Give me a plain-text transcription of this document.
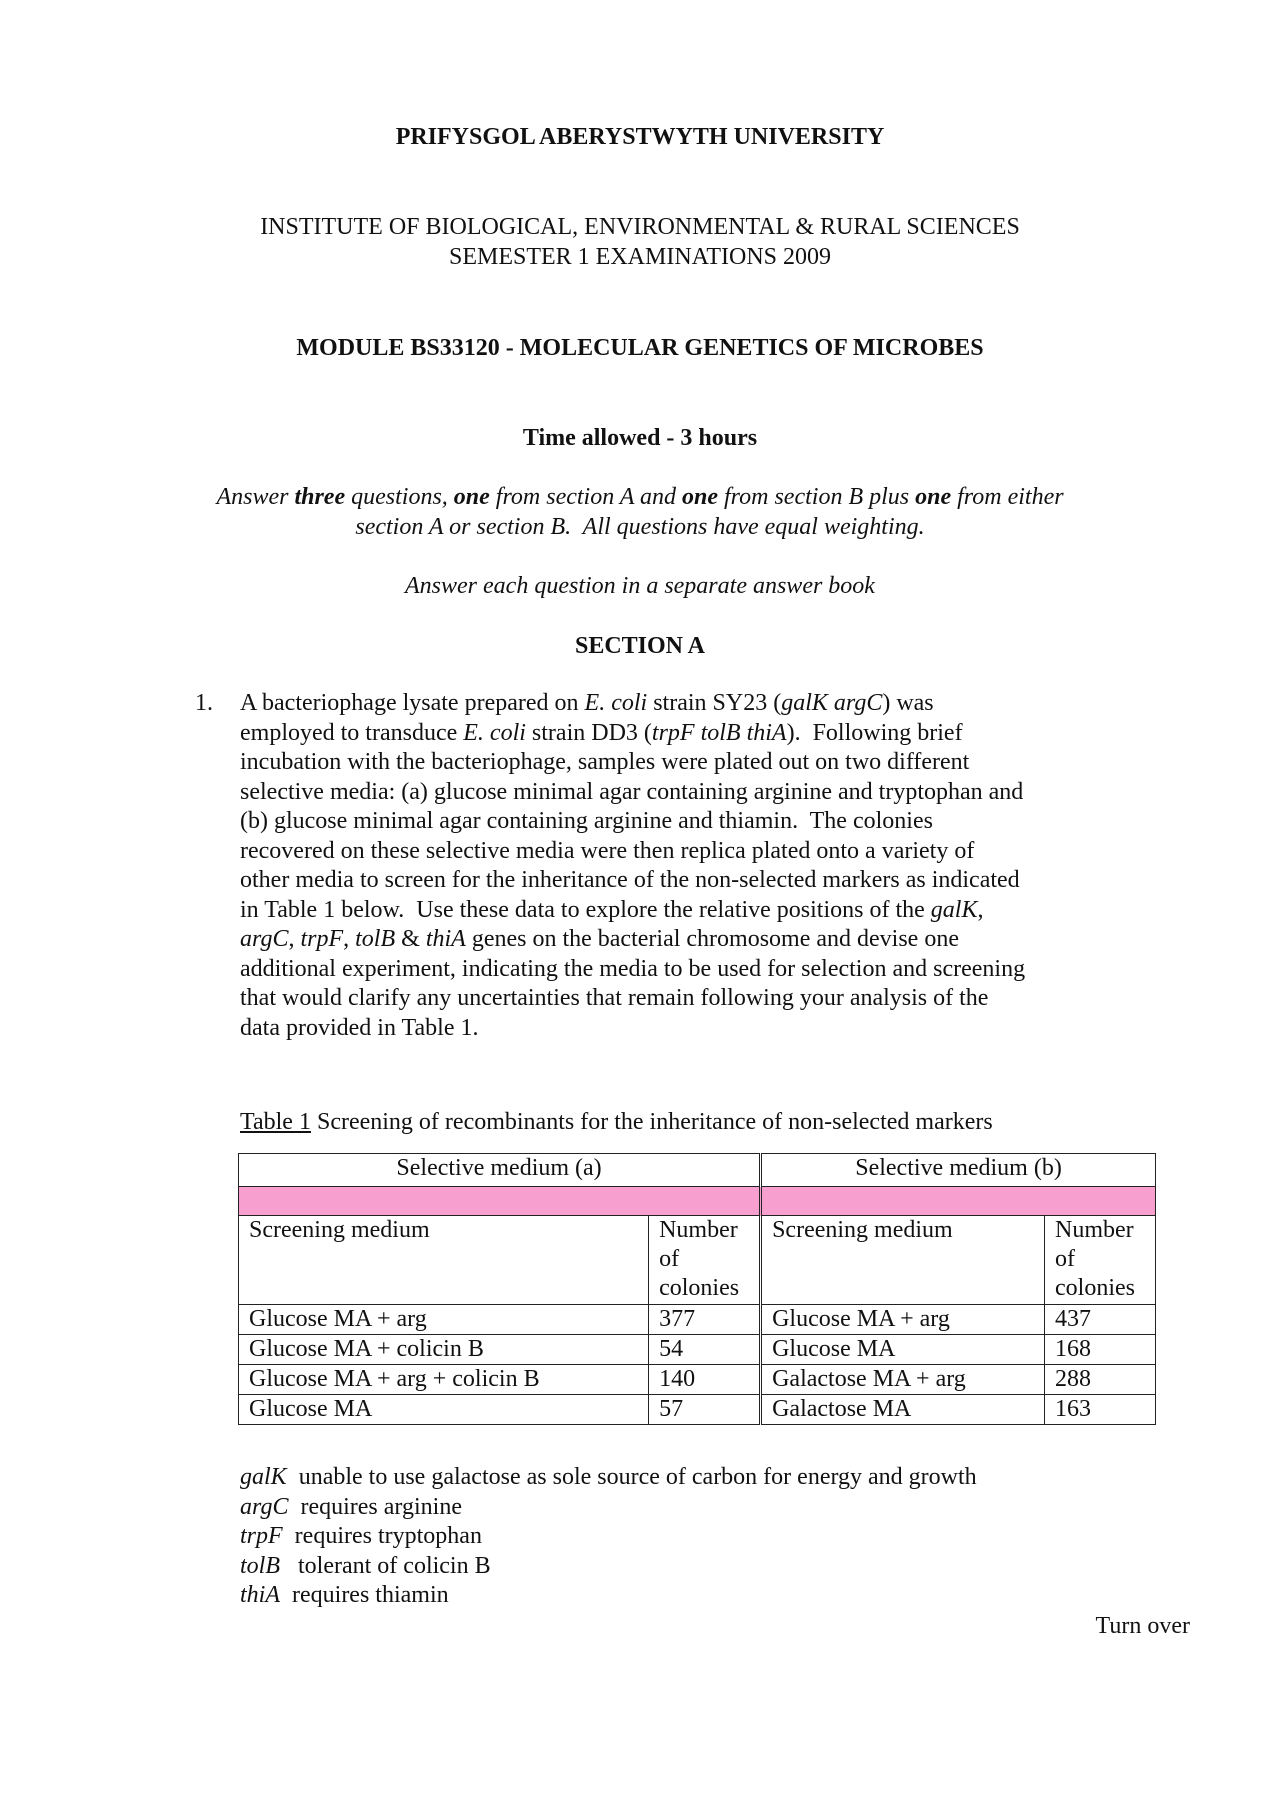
PRIFYSGOL ABERYSTWYTH UNIVERSITY
INSTITUTE OF BIOLOGICAL, ENVIRONMENTAL & RURAL SCIENCES
SEMESTER 1 EXAMINATIONS 2009
MODULE BS33120 - MOLECULAR GENETICS OF MICROBES
Time allowed - 3 hours
Answer three questions, one from section A and one from section B plus one from either
section A or section B.  All questions have equal weighting.
Answer each question in a separate answer book
SECTION A
1. A bacteriophage lysate prepared on E. coli strain SY23 (galK argC) was
employed to transduce E. coli strain DD3 (trpF tolB thiA).  Following brief
incubation with the bacteriophage, samples were plated out on two different
selective media: (a) glucose minimal agar containing arginine and tryptophan and
(b) glucose minimal agar containing arginine and thiamin.  The colonies
recovered on these selective media were then replica plated onto a variety of
other media to screen for the inheritance of the non-selected markers as indicated
in Table 1 below.  Use these data to explore the relative positions of the galK,
argC, trpF, tolB & thiA genes on the bacterial chromosome and devise one
additional experiment, indicating the media to be used for selection and screening
that would clarify any uncertainties that remain following your analysis of the
data provided in Table 1.
Table 1 Screening of recombinants for the inheritance of non-selected markers
Selective medium (a)		Selective medium (b)	

Screening medium	Number of colonies	Screening medium	Number of colonies
Glucose MA + arg	377	Glucose MA + arg	437
Glucose MA + colicin B	54	Glucose MA	168
Glucose MA + arg + colicin B	140	Galactose MA + arg	288
Glucose MA	57	Galactose MA	163
galK unable to use galactose as sole source of carbon for energy and growth
argC requires arginine
trpF requires tryptophan
tolB tolerant of colicin B
thiA requires thiamin
Turn over
